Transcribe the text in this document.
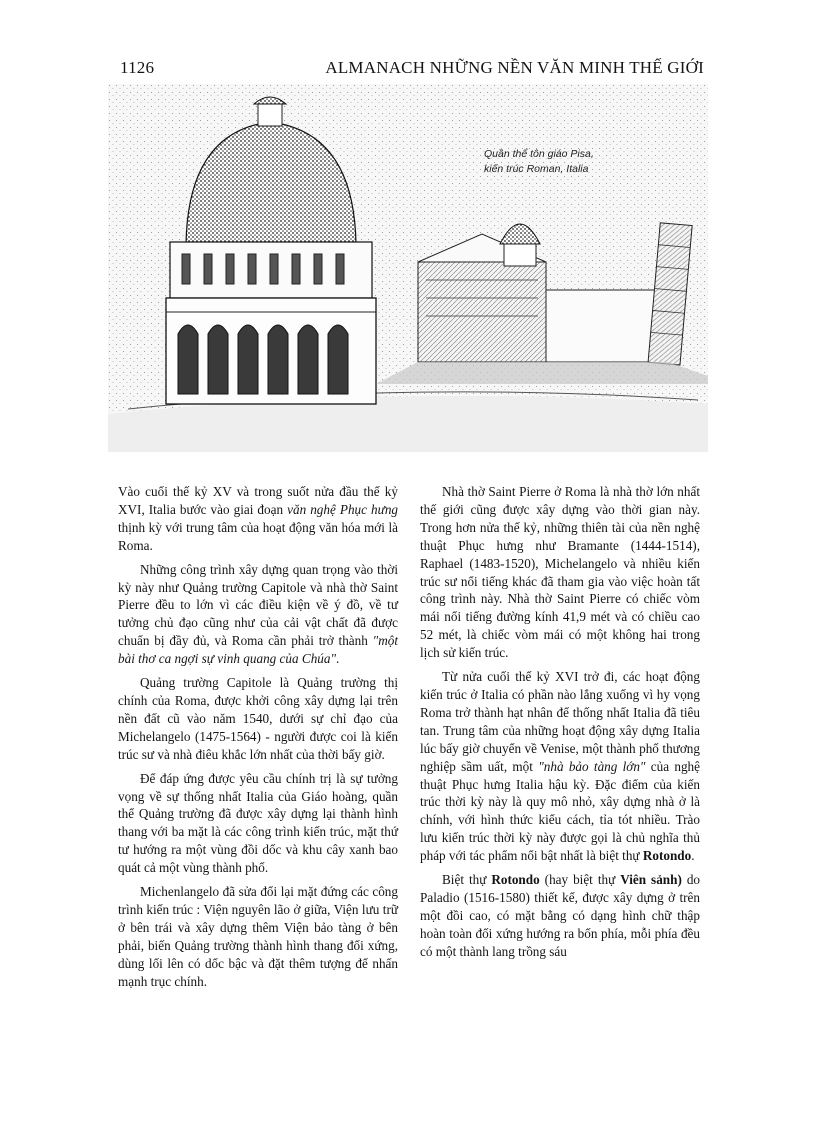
1126	ALMANACH NHỮNG NỀN VĂN MINH THẾ GIỚI
Quần thể tôn giáo Pisa,
kiến trúc Roman, Italia

Vào cuối thế kỷ XV và trong suốt nửa đầu thế kỷ XVI, Italia bước vào giai đoạn văn nghệ Phục hưng thịnh kỳ với trung tâm của hoạt động văn hóa mới là Roma.

Những công trình xây dựng quan trọng vào thời kỳ này như Quảng trường Capitole và nhà thờ Saint Pierre đều to lớn vì các điều kiện về ý đồ, về tư tưởng chủ đạo cũng như của cải vật chất đã được chuẩn bị đầy đủ, và Roma cần phải trở thành "một bài thơ ca ngợi sự vinh quang của Chúa".

Quảng trường Capitole là Quảng trường thị chính của Roma, được khởi công xây dựng lại trên nền đất cũ vào năm 1540, dưới sự chỉ đạo của Michelangelo (1475-1564) - người được coi là kiến trúc sư và nhà điêu khắc lớn nhất của thời bấy giờ.

Để đáp ứng được yêu cầu chính trị là sự tưởng vọng về sự thống nhất Italia của Giáo hoàng, quần thể Quảng trường đã được xây dựng lại thành hình thang với ba mặt là các công trình kiến trúc, mặt thứ tư hướng ra một vùng đồi dốc và khu cây xanh bao quát cả một vùng thành phố.

Michenlangelo đã sửa đổi lại mặt đứng các công trình kiến trúc : Viện nguyên lão ở giữa, Viện lưu trữ ở bên trái và xây dựng thêm Viện bảo tàng ở bên phải, biến Quảng trường thành hình thang đối xứng, dùng lối lên có dốc bậc và đặt thêm tượng để nhấn mạnh trục chính.

Nhà thờ Saint Pierre ở Roma là nhà thờ lớn nhất thế giới cũng được xây dựng vào thời gian này. Trong hơn nửa thế kỷ, những thiên tài của nền nghệ thuật Phục hưng như Bramante (1444-1514), Raphael (1483-1520), Michelangelo và nhiều kiến trúc sư nổi tiếng khác đã tham gia vào việc hoàn tất công trình này. Nhà thờ Saint Pierre có chiếc vòm mái nổi tiếng đường kính 41,9 mét và có chiều cao 52 mét, là chiếc vòm mái có một không hai trong lịch sử kiến trúc.

Từ nửa cuối thế kỷ XVI trở đi, các hoạt động kiến trúc ở Italia có phần nào lắng xuống vì hy vọng Roma trở thành hạt nhân để thống nhất Italia đã tiêu tan. Trung tâm của những hoạt động xây dựng Italia lúc bấy giờ chuyển về Venise, một thành phố thương nghiệp sầm uất, một "nhà bảo tàng lớn" của nghệ thuật Phục hưng Italia hậu kỳ. Đặc điểm của kiến trúc thời kỳ này là quy mô nhỏ, xây dựng nhà ở là chính, với hình thức kiểu cách, tỉa tót nhiều. Trào lưu kiến trúc thời kỳ này được gọi là chủ nghĩa thủ pháp với tác phẩm nổi bật nhất là biệt thự Rotondo.

Biệt thự Rotondo (hay biệt thự Viên sảnh) do Paladio (1516-1580) thiết kế, được xây dựng ở trên một đồi cao, có mặt bằng có dạng hình chữ thập hoàn toàn đối xứng hướng ra bốn phía, mỗi phía đều có một thành lang trồng sáu
